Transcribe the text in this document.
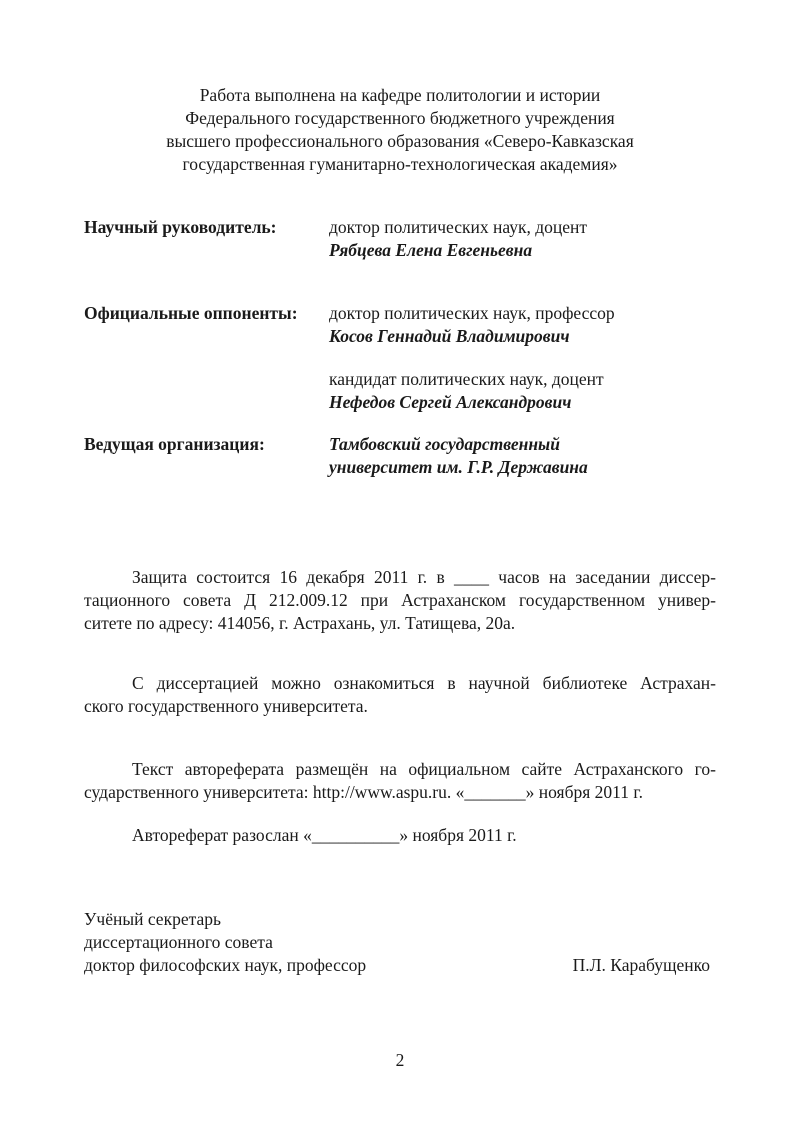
Работа выполнена на кафедре политологии и истории
Федерального государственного бюджетного учреждения
высшего профессионального образования «Северо-Кавказская
государственная гуманитарно-технологическая академия»
Научный руководитель:	доктор политических наук, доцент
Рябцева Елена Евгеньевна
Официальные оппоненты: доктор политических наук, профессор
Косов Геннадий Владимирович
кандидат политических наук, доцент
Нефедов Сергей Александрович
Ведущая организация:	Тамбовский государственный
университет им. Г.Р. Державина
Защита состоится 16 декабря 2011 г. в ____ часов на заседании диссер-
тационного совета Д 212.009.12 при Астраханском государственном универ-
ситете по адресу: 414056, г. Астрахань, ул. Татищева, 20а.
С диссертацией можно ознакомиться в научной библиотеке Астрахан-
ского государственного университета.
Текст автореферата размещён на официальном сайте Астраханского го-
сударственного университета: http://www.aspu.ru. «_______» ноября 2011 г.
Автореферат разослан «__________» ноября 2011 г.
Учёный секретарь
диссертационного совета
доктор философских наук, профессор	П.Л. Карабущенко
2
